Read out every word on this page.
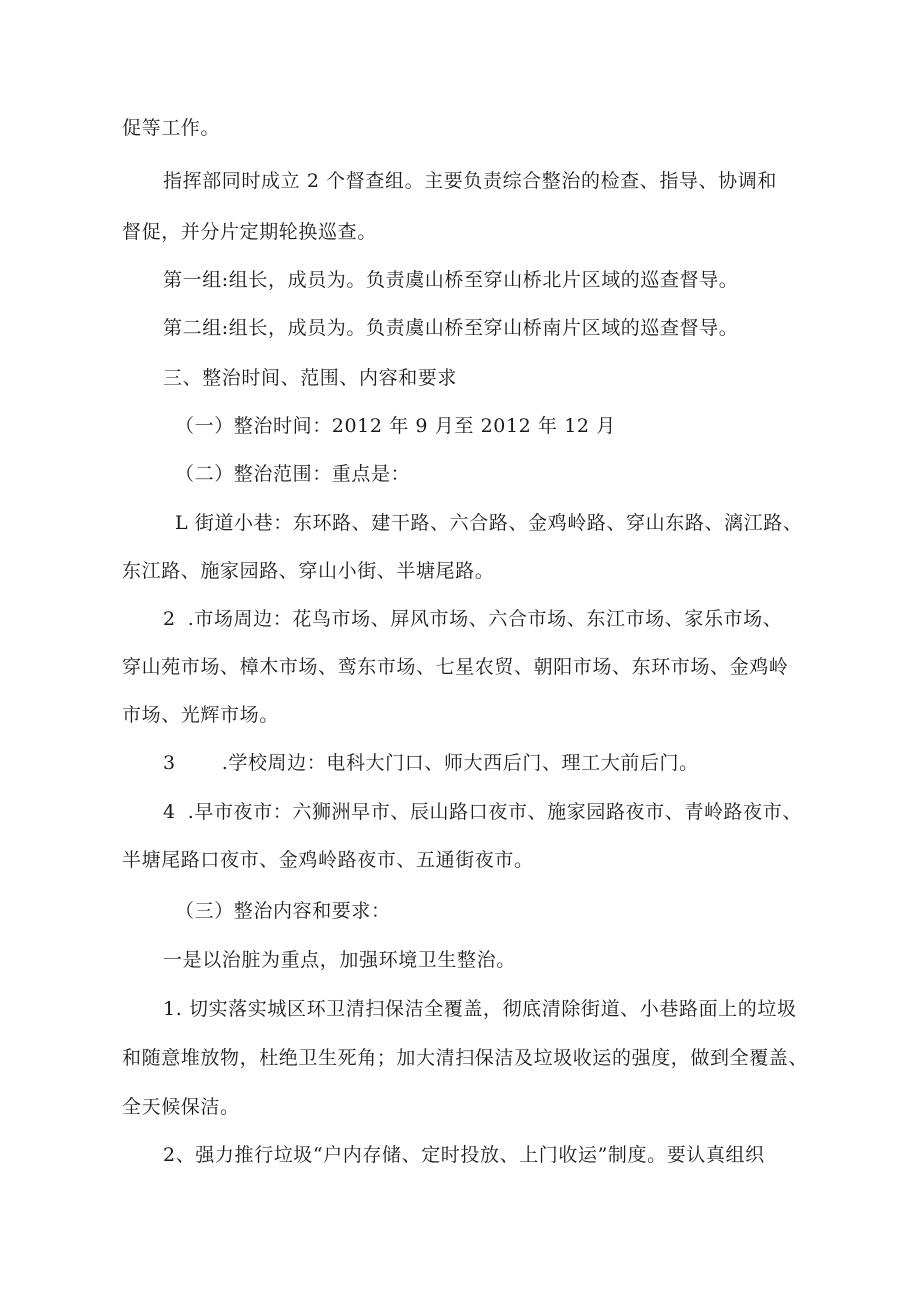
促等工作。
指挥部同时成立 2 个督查组。主要负责综合整治的检查、指导、协调和
督促，并分片定期轮换巡查。
第一组:组长，成员为。负责虞山桥至穿山桥北片区域的巡查督导。
第二组:组长，成员为。负责虞山桥至穿山桥南片区域的巡查督导。
三、整治时间、范围、内容和要求
（一）整治时间：2012 年 9 月至 2012 年 12 月
（二）整治范围：重点是：
L 街道小巷：东环路、建干路、六合路、金鸡岭路、穿山东路、漓江路、
东江路、施家园路、穿山小街、半塘尾路。
2 .市场周边：花鸟市场、屏风市场、六合市场、东江市场、家乐市场、
穿山苑市场、樟木市场、鸾东市场、七星农贸、朝阳市场、东环市场、金鸡岭
市场、光辉市场。
3 .学校周边：电科大门口、师大西后门、理工大前后门。
4 .早市夜市：六狮洲早市、辰山路口夜市、施家园路夜市、青岭路夜市、
半塘尾路口夜市、金鸡岭路夜市、五通街夜市。
（三）整治内容和要求：
一是以治脏为重点，加强环境卫生整治。
1. 切实落实城区环卫清扫保洁全覆盖，彻底清除街道、小巷路面上的垃圾
和随意堆放物，杜绝卫生死角；加大清扫保洁及垃圾收运的强度，做到全覆盖、
全天候保洁。
2、强力推行垃圾“户内存储、定时投放、上门收运”制度。要认真组织
